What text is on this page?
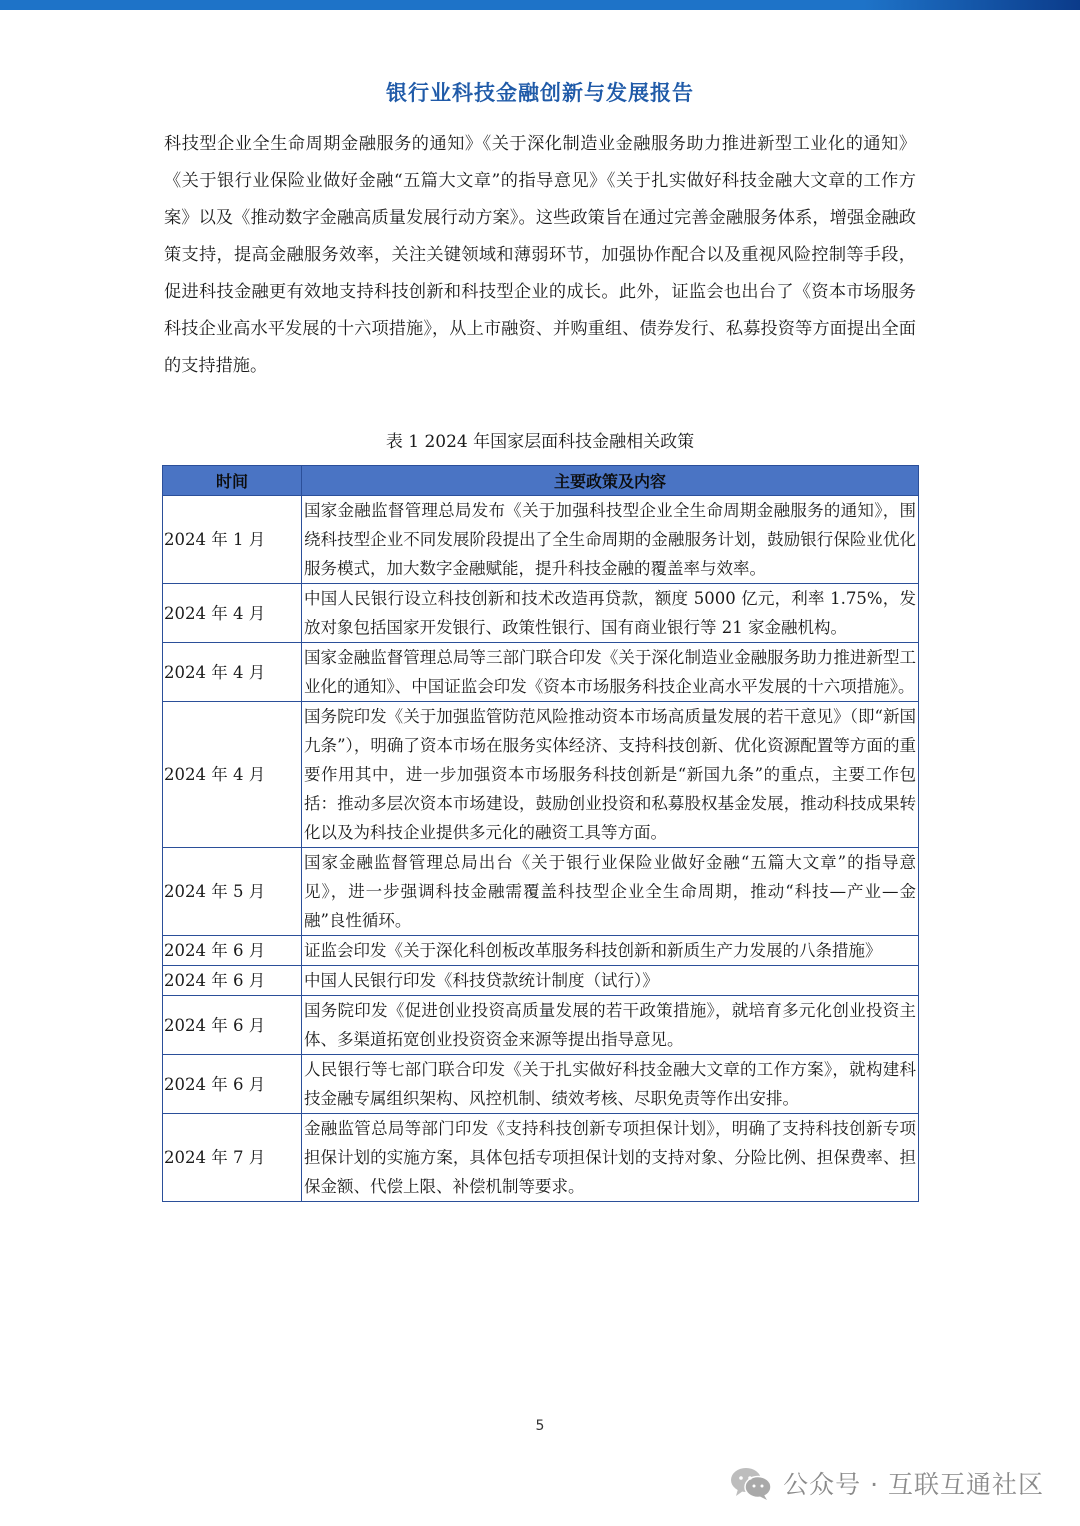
银行业科技金融创新与发展报告

科技型企业全生命周期金融服务的通知》《关于深化制造业金融服务助力推进新型工业化的通知》《关于银行业保险业做好金融“五篇大文章”的指导意见》《关于扎实做好科技金融大文章的工作方案》以及《推动数字金融高质量发展行动方案》。这些政策旨在通过完善金融服务体系，增强金融政策支持，提高金融服务效率，关注关键领域和薄弱环节，加强协作配合以及重视风险控制等手段，促进科技金融更有效地支持科技创新和科技型企业的成长。此外，证监会也出台了《资本市场服务科技企业高水平发展的十六项措施》，从上市融资、并购重组、债券发行、私募投资等方面提出全面的支持措施。

表 1 2024 年国家层面科技金融相关政策
时间	主要政策及内容
2024 年 1 月	国家金融监督管理总局发布《关于加强科技型企业全生命周期金融服务的通知》，围绕科技型企业不同发展阶段提出了全生命周期的金融服务计划，鼓励银行保险业优化服务模式，加大数字金融赋能，提升科技金融的覆盖率与效率。
2024 年 4 月	中国人民银行设立科技创新和技术改造再贷款，额度 5000 亿元，利率 1.75%，发放对象包括国家开发银行、政策性银行、国有商业银行等 21 家金融机构。
2024 年 4 月	国家金融监督管理总局等三部门联合印发《关于深化制造业金融服务助力推进新型工业化的通知》、中国证监会印发《资本市场服务科技企业高水平发展的十六项措施》。
2024 年 4 月	国务院印发《关于加强监管防范风险推动资本市场高质量发展的若干意见》（即“新国九条”），明确了资本市场在服务实体经济、支持科技创新、优化资源配置等方面的重要作用其中，进一步加强资本市场服务科技创新是“新国九条”的重点，主要工作包括：推动多层次资本市场建设，鼓励创业投资和私募股权基金发展，推动科技成果转化以及为科技企业提供多元化的融资工具等方面。
2024 年 5 月	国家金融监督管理总局出台《关于银行业保险业做好金融“五篇大文章”的指导意见》，进一步强调科技金融需覆盖科技型企业全生命周期，推动“科技—产业—金融”良性循环。
2024 年 6 月	证监会印发《关于深化科创板改革服务科技创新和新质生产力发展的八条措施》
2024 年 6 月	中国人民银行印发《科技贷款统计制度（试行）》
2024 年 6 月	国务院印发《促进创业投资高质量发展的若干政策措施》，就培育多元化创业投资主体、多渠道拓宽创业投资资金来源等提出指导意见。
2024 年 6 月	人民银行等七部门联合印发《关于扎实做好科技金融大文章的工作方案》，就构建科技金融专属组织架构、风控机制、绩效考核、尽职免责等作出安排。
2024 年 7 月	金融监管总局等部门印发《支持科技创新专项担保计划》，明确了支持科技创新专项担保计划的实施方案，具体包括专项担保计划的支持对象、分险比例、担保费率、担保金额、代偿上限、补偿机制等要求。
5
公众号 · 互联互通社区
